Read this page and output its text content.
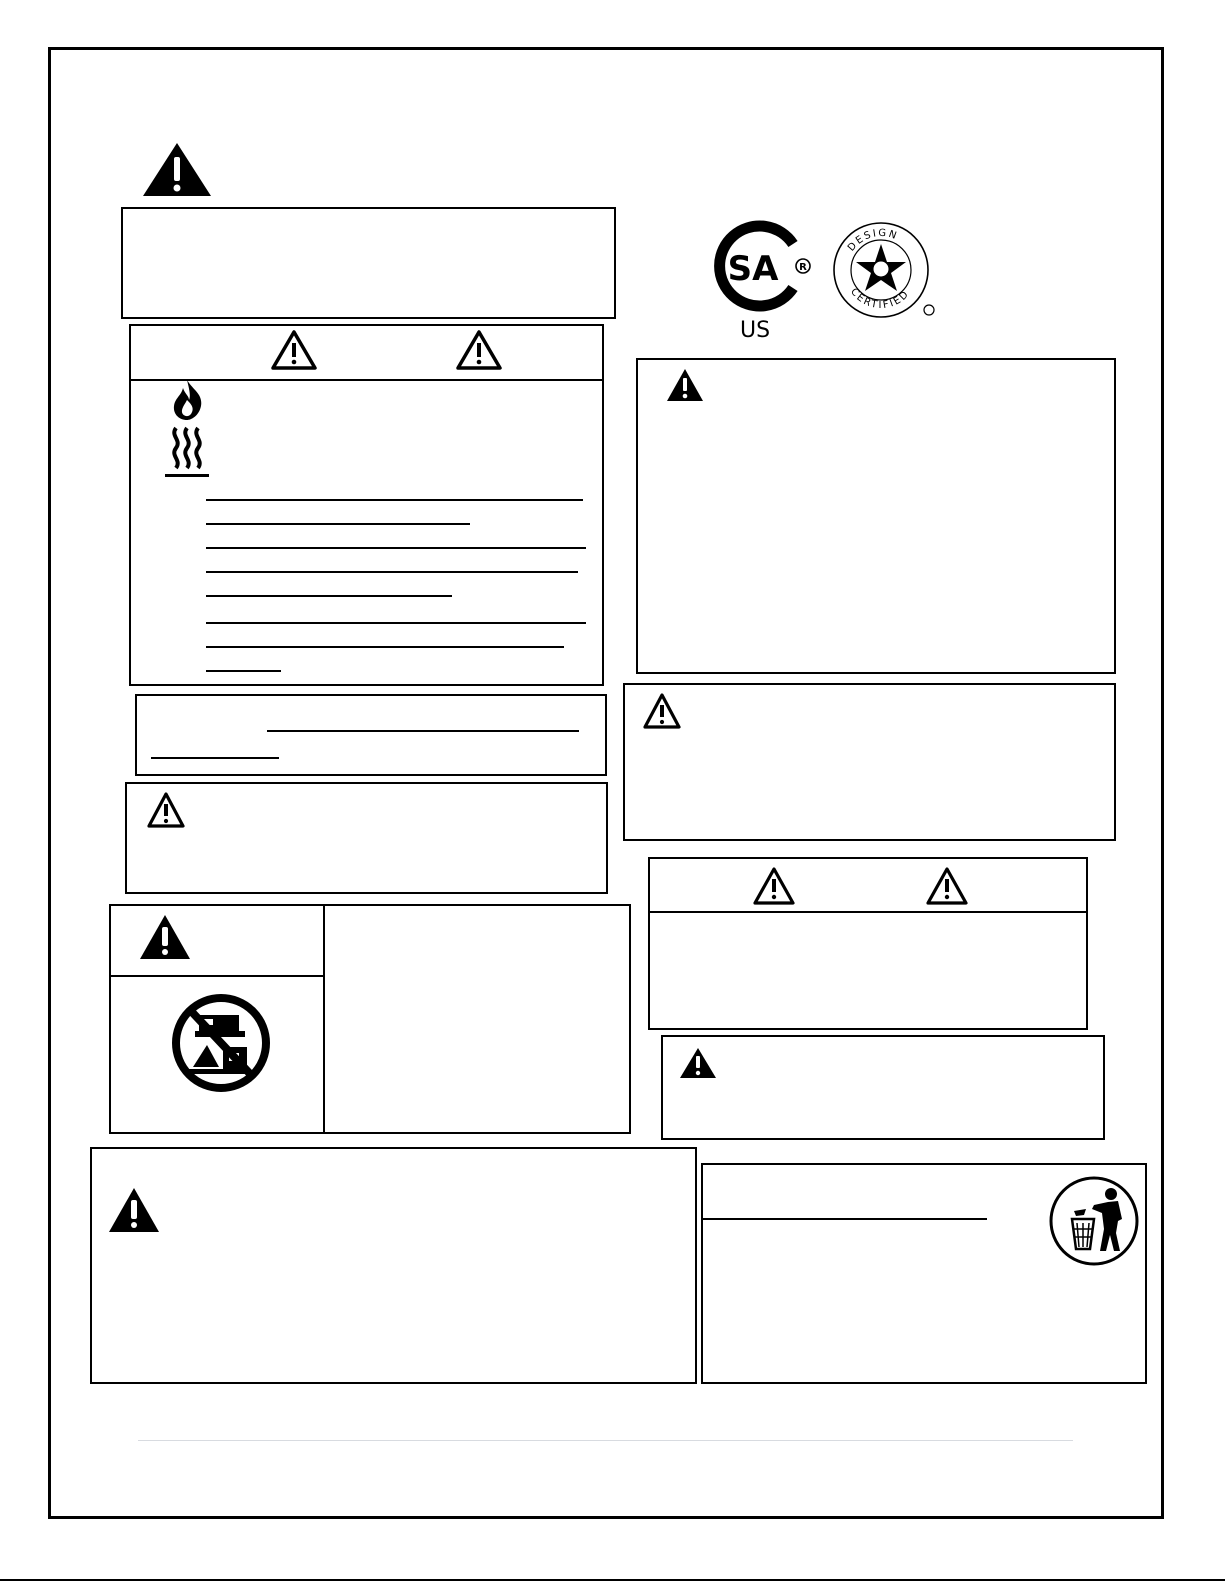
SA R
US
DESIGN
CERTIFIED
